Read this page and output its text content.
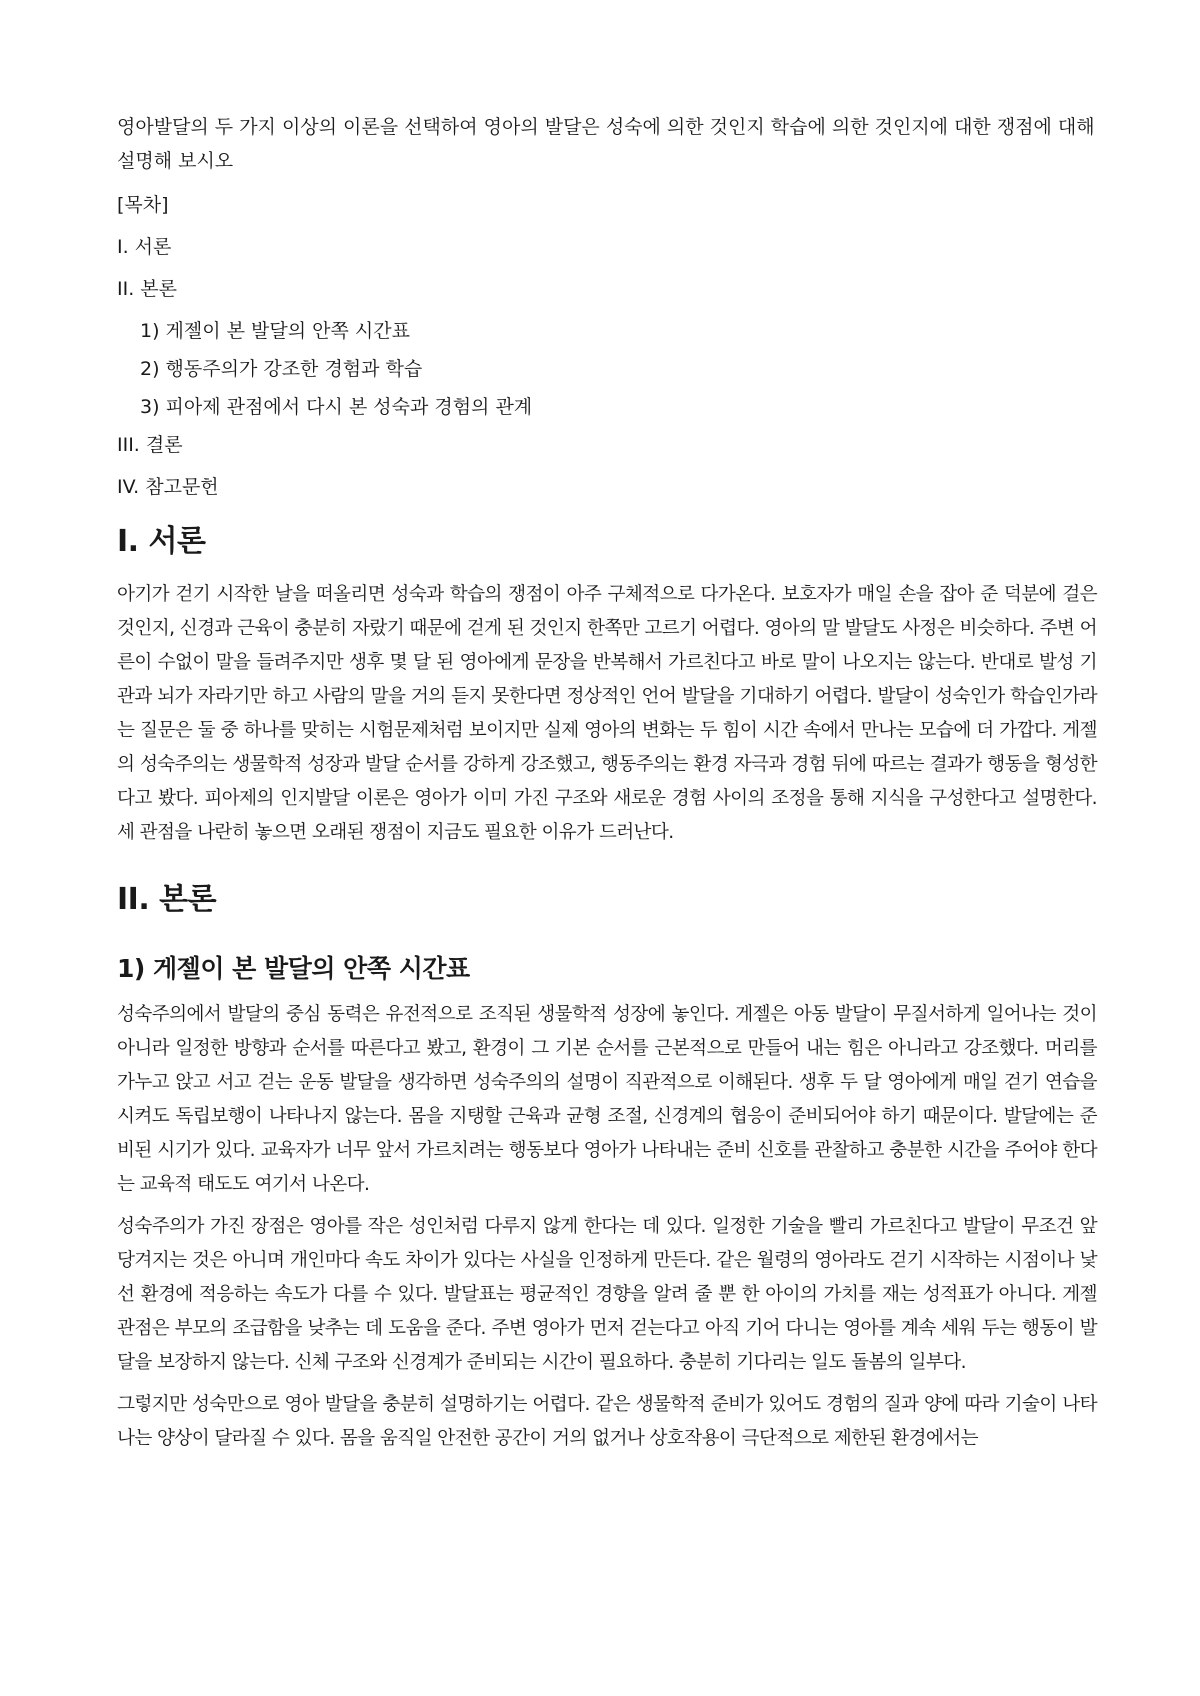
영아발달의 두 가지 이상의 이론을 선택하여 영아의 발달은 성숙에 의한 것인지 학습에 의한 것인지에 대한 쟁점에 대해 설명해 보시오

[목차]
I. 서론
II. 본론
1) 게젤이 본 발달의 안쪽 시간표
2) 행동주의가 강조한 경험과 학습
3) 피아제 관점에서 다시 본 성숙과 경험의 관계
III. 결론
IV. 참고문헌
I. 서론

아기가 걷기 시작한 날을 떠올리면 성숙과 학습의 쟁점이 아주 구체적으로 다가온다. 보호자가 매일 손을 잡아 준 덕분에 걸은 것인지, 신경과 근육이 충분히 자랐기 때문에 걷게 된 것인지 한쪽만 고르기 어렵다. 영아의 말 발달도 사정은 비슷하다. 주변 어른이 수없이 말을 들려주지만 생후 몇 달 된 영아에게 문장을 반복해서 가르친다고 바로 말이 나오지는 않는다. 반대로 발성 기관과 뇌가 자라기만 하고 사람의 말을 거의 듣지 못한다면 정상적인 언어 발달을 기대하기 어렵다. 발달이 성숙인가 학습인가라는 질문은 둘 중 하나를 맞히는 시험문제처럼 보이지만 실제 영아의 변화는 두 힘이 시간 속에서 만나는 모습에 더 가깝다. 게젤의 성숙주의는 생물학적 성장과 발달 순서를 강하게 강조했고, 행동주의는 환경 자극과 경험 뒤에 따르는 결과가 행동을 형성한다고 봤다. 피아제의 인지발달 이론은 영아가 이미 가진 구조와 새로운 경험 사이의 조정을 통해 지식을 구성한다고 설명한다. 세 관점을 나란히 놓으면 오래된 쟁점이 지금도 필요한 이유가 드러난다.

II. 본론
1) 게젤이 본 발달의 안쪽 시간표

성숙주의에서 발달의 중심 동력은 유전적으로 조직된 생물학적 성장에 놓인다. 게젤은 아동 발달이 무질서하게 일어나는 것이 아니라 일정한 방향과 순서를 따른다고 봤고, 환경이 그 기본 순서를 근본적으로 만들어 내는 힘은 아니라고 강조했다. 머리를 가누고 앉고 서고 걷는 운동 발달을 생각하면 성숙주의의 설명이 직관적으로 이해된다. 생후 두 달 영아에게 매일 걷기 연습을 시켜도 독립보행이 나타나지 않는다. 몸을 지탱할 근육과 균형 조절, 신경계의 협응이 준비되어야 하기 때문이다. 발달에는 준비된 시기가 있다. 교육자가 너무 앞서 가르치려는 행동보다 영아가 나타내는 준비 신호를 관찰하고 충분한 시간을 주어야 한다는 교육적 태도도 여기서 나온다.

성숙주의가 가진 장점은 영아를 작은 성인처럼 다루지 않게 한다는 데 있다. 일정한 기술을 빨리 가르친다고 발달이 무조건 앞당겨지는 것은 아니며 개인마다 속도 차이가 있다는 사실을 인정하게 만든다. 같은 월령의 영아라도 걷기 시작하는 시점이나 낯선 환경에 적응하는 속도가 다를 수 있다. 발달표는 평균적인 경향을 알려 줄 뿐 한 아이의 가치를 재는 성적표가 아니다. 게젤 관점은 부모의 조급함을 낮추는 데 도움을 준다. 주변 영아가 먼저 걷는다고 아직 기어 다니는 영아를 계속 세워 두는 행동이 발달을 보장하지 않는다. 신체 구조와 신경계가 준비되는 시간이 필요하다. 충분히 기다리는 일도 돌봄의 일부다.

그렇지만 성숙만으로 영아 발달을 충분히 설명하기는 어렵다. 같은 생물학적 준비가 있어도 경험의 질과 양에 따라 기술이 나타나는 양상이 달라질 수 있다. 몸을 움직일 안전한 공간이 거의 없거나 상호작용이 극단적으로 제한된 환경에서는
